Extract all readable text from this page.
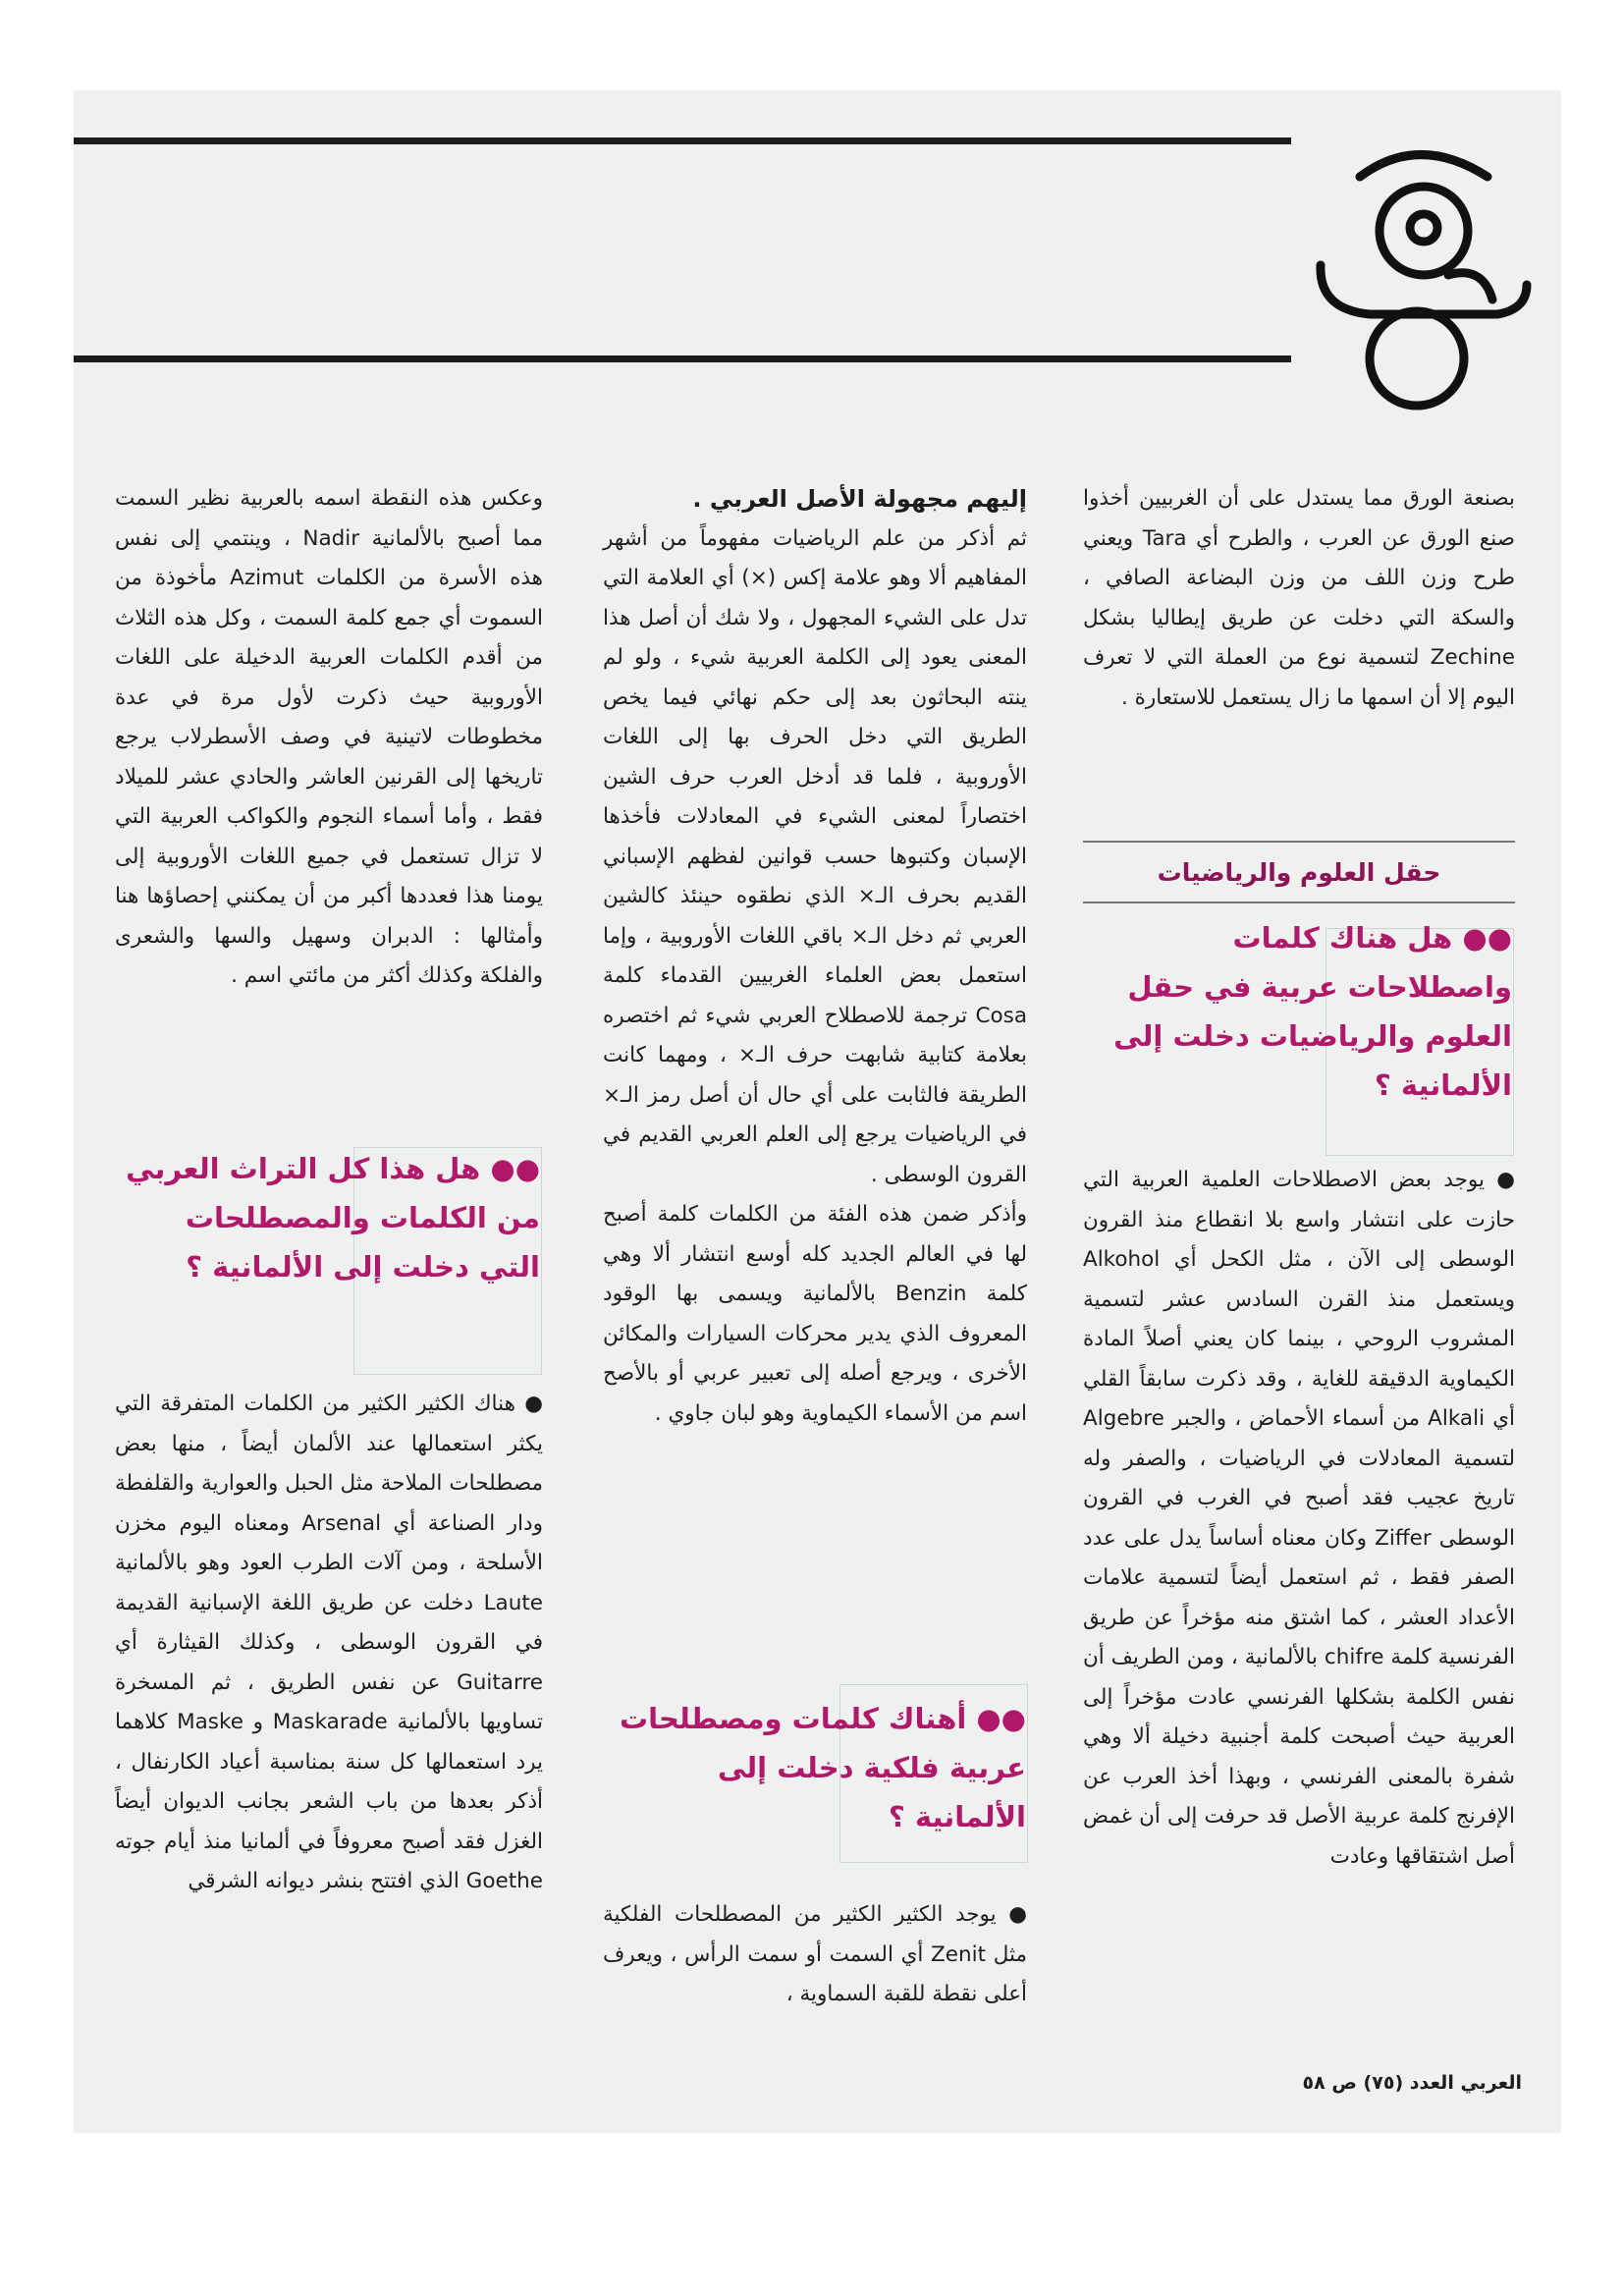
بصنعة الورق مما يستدل على أن الغربيين أخذوا صنع الورق عن العرب ، والطرح أي Tara ويعني طرح وزن اللف من وزن البضاعة الصافي ، والسكة التي دخلت عن طريق إيطاليا بشكل Zechine لتسمية نوع من العملة التي لا تعرف اليوم إلا أن اسمها ما زال يستعمل للاستعارة .

حقل العلوم والرياضيات
●● هل هناك كلمات واصطلاحات عربية في حقل العلوم والرياضيات دخلت إلى الألمانية ؟

● يوجد بعض الاصطلاحات العلمية العربية التي حازت على انتشار واسع بلا انقطاع منذ القرون الوسطى إلى الآن ، مثل الكحل أي Alkohol ويستعمل منذ القرن السادس عشر لتسمية المشروب الروحي ، بينما كان يعني أصلاً المادة الكيماوية الدقيقة للغاية ، وقد ذكرت سابقاً القلي أي Alkali من أسماء الأحماض ، والجبر Algebre لتسمية المعادلات في الرياضيات ، والصفر وله تاريخ عجيب فقد أصبح في الغرب في القرون الوسطى Ziffer وكان معناه أساساً يدل على عدد الصفر فقط ، ثم استعمل أيضاً لتسمية علامات الأعداد العشر ، كما اشتق منه مؤخراً عن طريق الفرنسية كلمة chifre بالألمانية ، ومن الطريف أن نفس الكلمة بشكلها الفرنسي عادت مؤخراً إلى العربية حيث أصبحت كلمة أجنبية دخيلة ألا وهي شفرة بالمعنى الفرنسي ، وبهذا أخذ العرب عن الإفرنج كلمة عربية الأصل قد حرفت إلى أن غمض أصل اشتقاقها وعادت

إليهم مجهولة الأصل العربي .

ثم أذكر من علم الرياضيات مفهوماً من أشهر المفاهيم ألا وهو علامة إكس (×) أي العلامة التي تدل على الشيء المجهول ، ولا شك أن أصل هذا المعنى يعود إلى الكلمة العربية شيء ، ولو لم ينته البحاثون بعد إلى حكم نهائي فيما يخص الطريق التي دخل الحرف بها إلى اللغات الأوروبية ، فلما قد أدخل العرب حرف الشين اختصاراً لمعنى الشيء في المعادلات فأخذها الإسبان وكتبوها حسب قوانين لفظهم الإسباني القديم بحرف الـ× الذي نطقوه حينئذ كالشين العربي ثم دخل الـ× باقي اللغات الأوروبية ، وإما استعمل بعض العلماء الغربيين القدماء كلمة Cosa ترجمة للاصطلاح العربي شيء ثم اختصره بعلامة كتابية شابهت حرف الـ× ، ومهما كانت الطريقة فالثابت على أي حال أن أصل رمز الـ× في الرياضيات يرجع إلى العلم العربي القديم في القرون الوسطى .

وأذكر ضمن هذه الفئة من الكلمات كلمة أصبح لها في العالم الجديد كله أوسع انتشار ألا وهي كلمة Benzin بالألمانية ويسمى بها الوقود المعروف الذي يدير محركات السيارات والمكائن الأخرى ، ويرجع أصله إلى تعبير عربي أو بالأصح اسم من الأسماء الكيماوية وهو لبان جاوي .

●● أهناك كلمات ومصطلحات عربية فلكية دخلت إلى الألمانية ؟

● يوجد الكثير الكثير من المصطلحات الفلكية مثل Zenit أي السمت أو سمت الرأس ، ويعرف أعلى نقطة للقبة السماوية ،

وعكس هذه النقطة اسمه بالعربية نظير السمت مما أصبح بالألمانية Nadir ، وينتمي إلى نفس هذه الأسرة من الكلمات Azimut مأخوذة من السموت أي جمع كلمة السمت ، وكل هذه الثلاث من أقدم الكلمات العربية الدخيلة على اللغات الأوروبية حيث ذكرت لأول مرة في عدة مخطوطات لاتينية في وصف الأسطرلاب يرجع تاريخها إلى القرنين العاشر والحادي عشر للميلاد فقط ، وأما أسماء النجوم والكواكب العربية التي لا تزال تستعمل في جميع اللغات الأوروبية إلى يومنا هذا فعددها أكبر من أن يمكنني إحصاؤها هنا وأمثالها : الدبران وسهيل والسها والشعرى والفلكة وكذلك أكثر من مائتي اسم .

●● هل هذا كل التراث العربي من الكلمات والمصطلحات التي دخلت إلى الألمانية ؟

● هناك الكثير الكثير من الكلمات المتفرقة التي يكثر استعمالها عند الألمان أيضاً ، منها بعض مصطلحات الملاحة مثل الحبل والعوارية والقلفطة ودار الصناعة أي Arsenal ومعناه اليوم مخزن الأسلحة ، ومن آلات الطرب العود وهو بالألمانية Laute دخلت عن طريق اللغة الإسبانية القديمة في القرون الوسطى ، وكذلك القيثارة أي Guitarre عن نفس الطريق ، ثم المسخرة تساويها بالألمانية Maskarade و Maske كلاهما يرد استعمالها كل سنة بمناسبة أعياد الكارنفال ، أذكر بعدها من باب الشعر بجانب الديوان أيضاً الغزل فقد أصبح معروفاً في ألمانيا منذ أيام جوته Goethe الذي افتتح بنشر ديوانه الشرقي

العربي العدد (٧٥) ص ٥٨
